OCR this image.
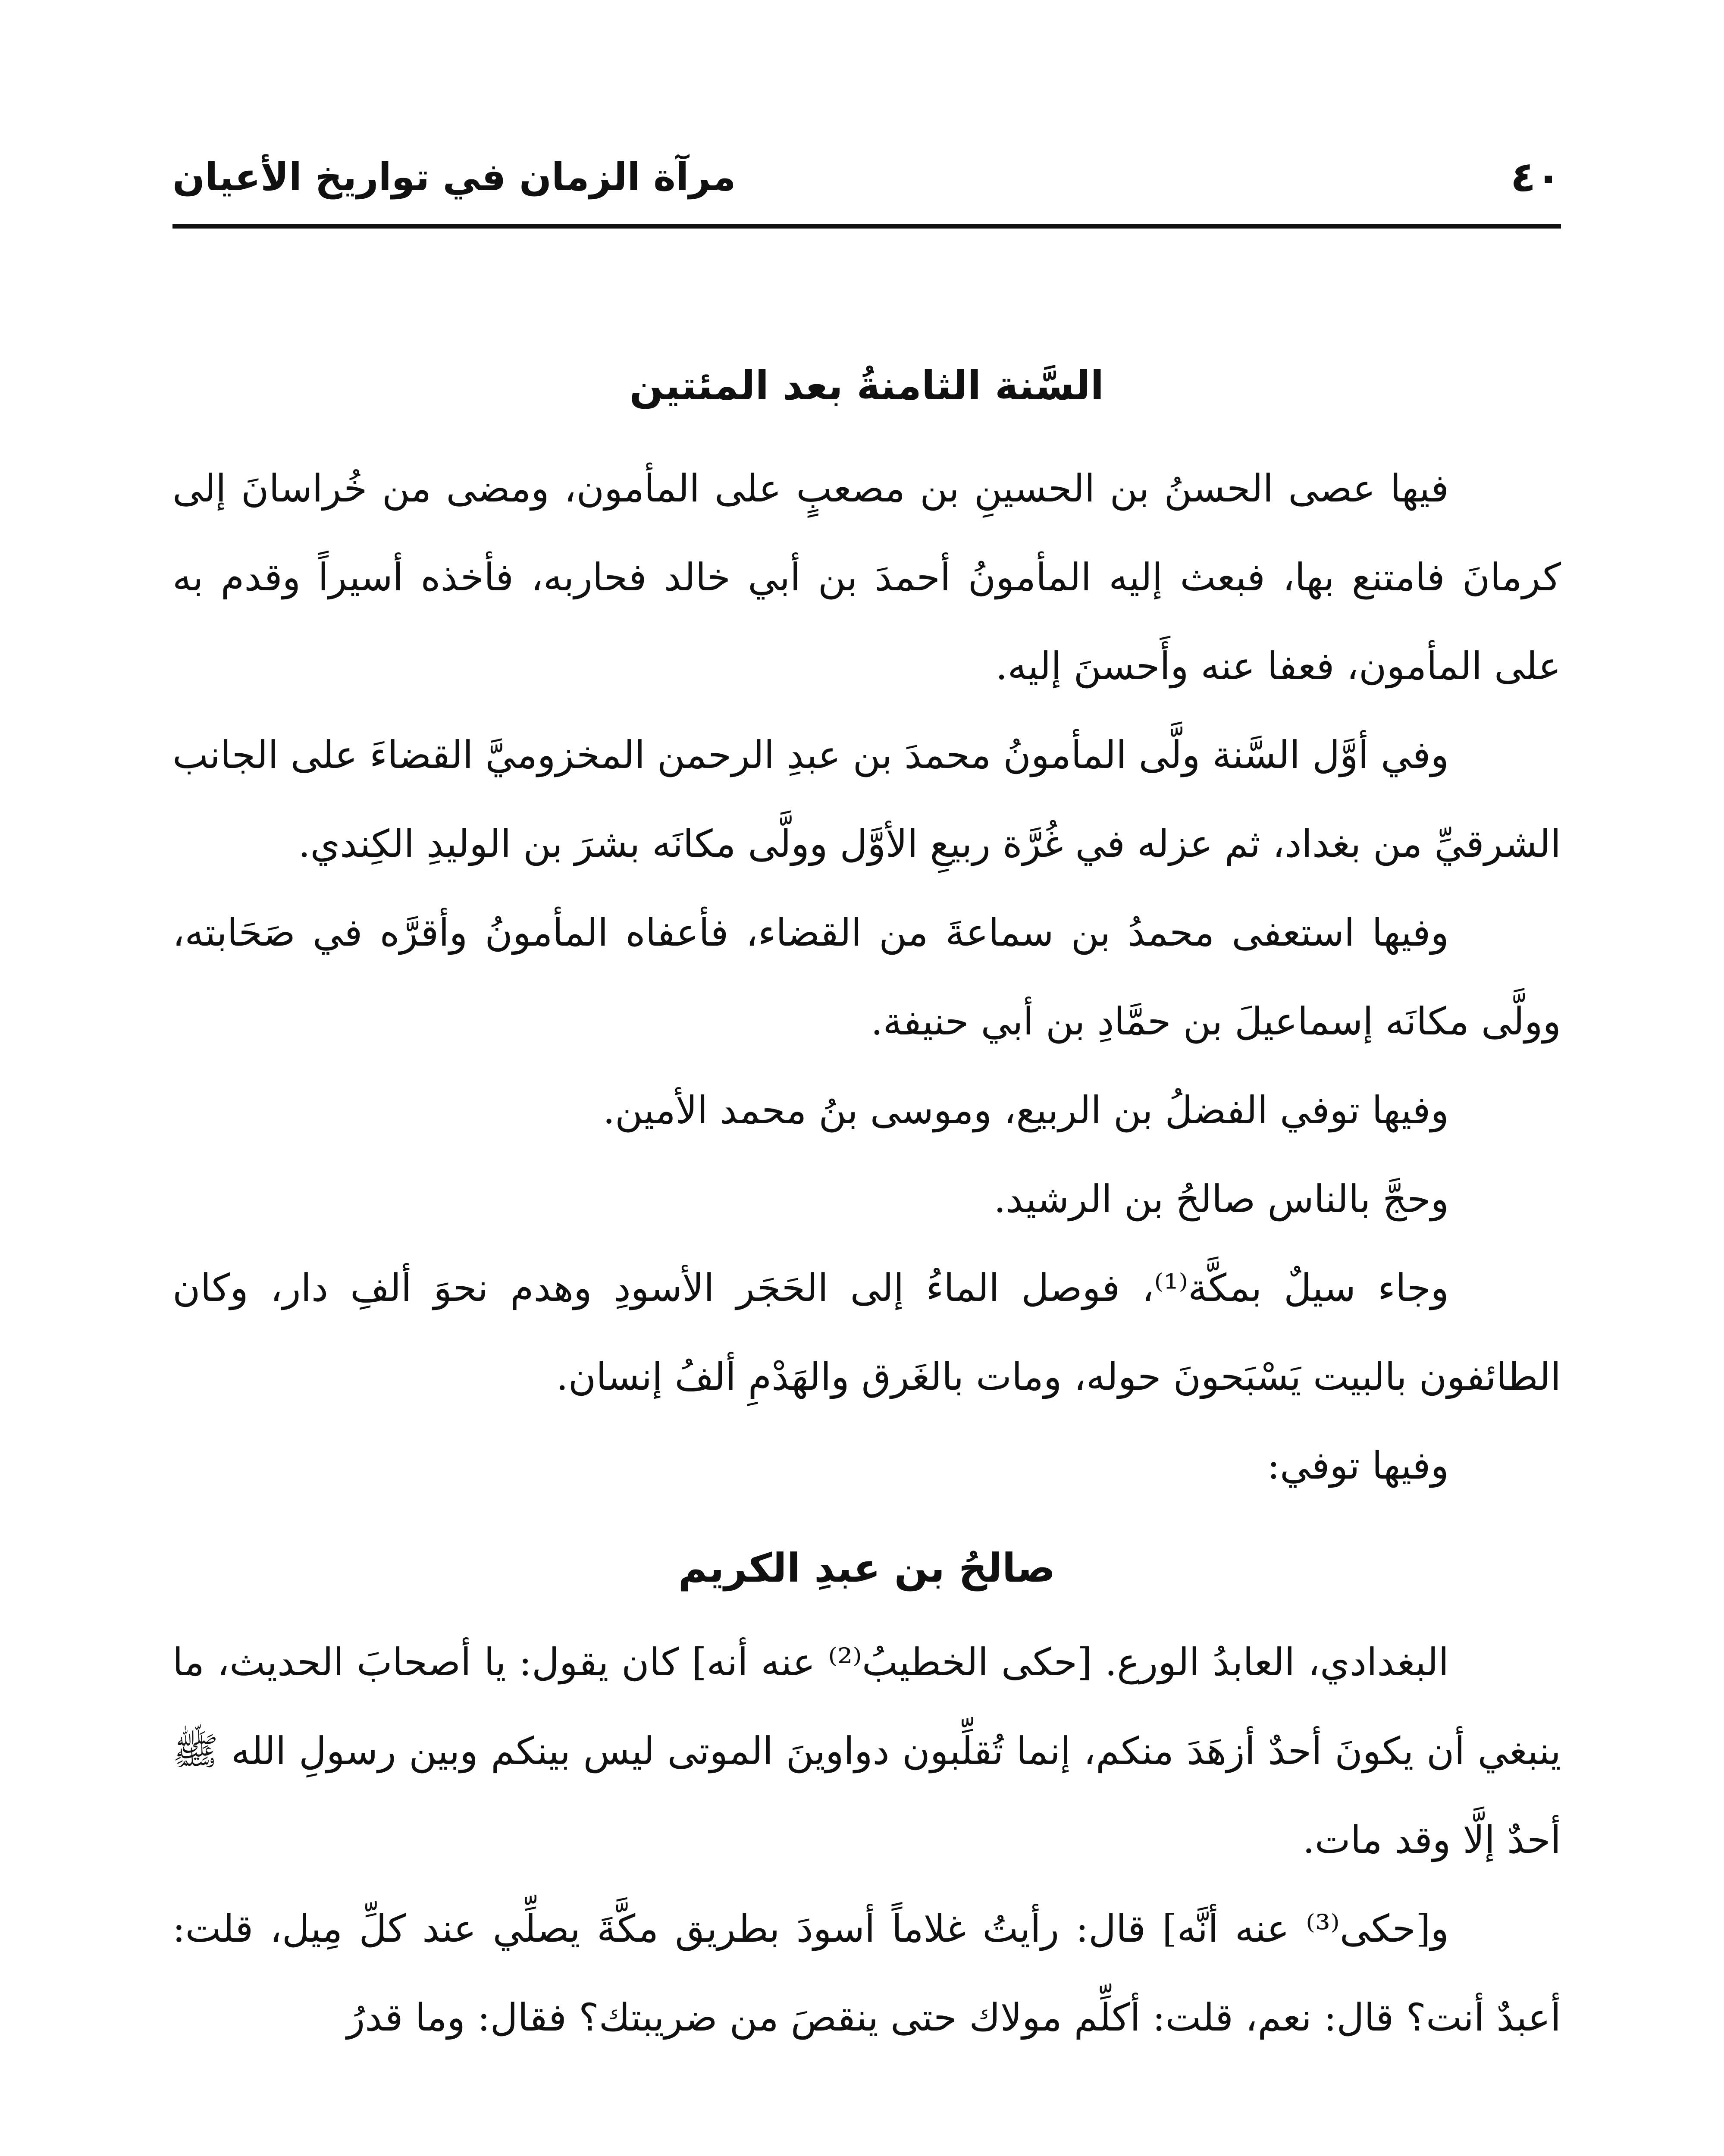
٤٠
مرآة الزمان في تواريخ الأعيان
السَّنة الثامنةُ بعد المئتين

فيها عصى الحسنُ بن الحسينِ بن مصعبٍ على المأمون، ومضى من خُراسانَ إلى كرمانَ فامتنع بها، فبعث إليه المأمونُ أحمدَ بن أبي خالد فحاربه، فأخذه أسيراً وقدم به على المأمون، فعفا عنه وأَحسنَ إليه.

وفي أوَّل السَّنة ولَّى المأمونُ محمدَ بن عبدِ الرحمن المخزوميَّ القضاءَ على الجانب الشرقيِّ من بغداد، ثم عزله في غُرَّة ربيعِ الأوَّل وولَّى مكانَه بشرَ بن الوليدِ الكِندي.

وفيها استعفى محمدُ بن سماعةَ من القضاء، فأعفاه المأمونُ وأقرَّه في صَحَابته، وولَّى مكانَه إسماعيلَ بن حمَّادِ بن أبي حنيفة.

وفيها توفي الفضلُ بن الربيع، وموسى بنُ محمد الأمين.

وحجَّ بالناس صالحُ بن الرشيد.

وجاء سيلٌ بمكَّة⁽¹⁾، فوصل الماءُ إلى الحَجَر الأسودِ وهدم نحوَ ألفِ دار، وكان الطائفون بالبيت يَسْبَحونَ حوله، ومات بالغَرق والهَدْمِ ألفُ إنسان.

وفيها توفي:

صالحُ بن عبدِ الكريم

البغدادي، العابدُ الورع. [حكى الخطيبُ⁽²⁾ عنه أنه] كان يقول: يا أصحابَ الحديث، ما ينبغي أن يكونَ أحدٌ أزهَدَ منكم، إنما تُقلِّبون دواوينَ الموتى ليس بينكم وبين رسولِ الله ﷺ أحدٌ إلَّا وقد مات.

و[حكى⁽³⁾ عنه أنَّه] قال: رأيتُ غلاماً أسودَ بطريق مكَّةَ يصلِّي عند كلِّ مِيل، قلت: أعبدٌ أنت؟ قال: نعم، قلت: أكلِّم مولاك حتى ينقصَ من ضريبتك؟ فقال: وما قدرُ
